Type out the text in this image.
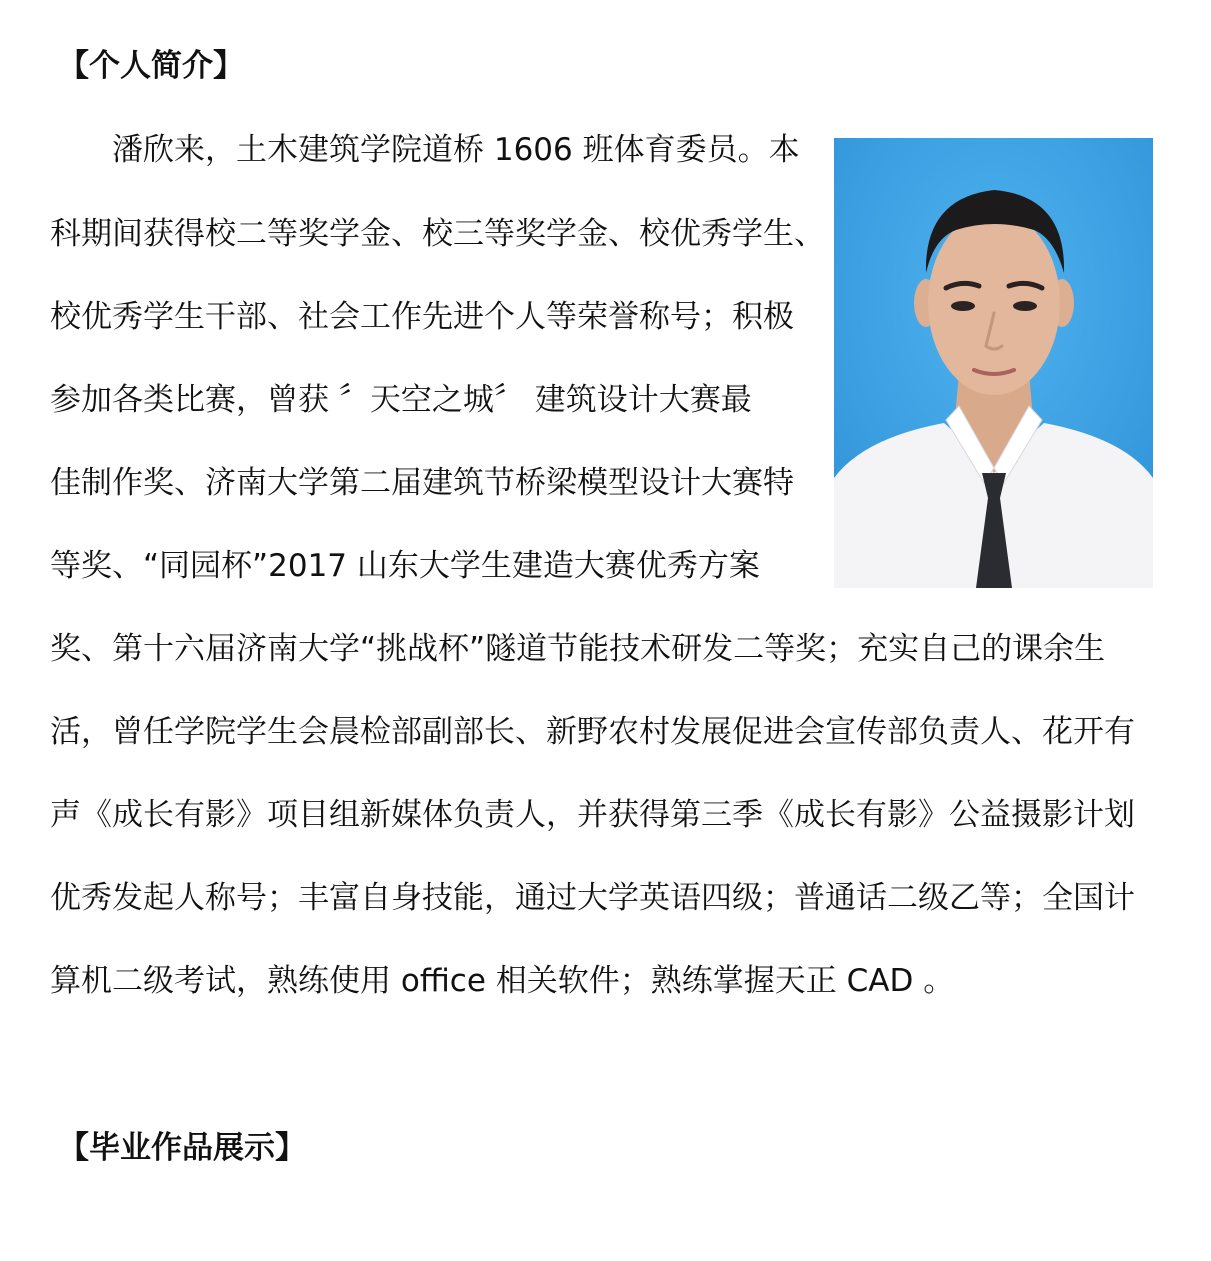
【个人简介】
　　潘欣来，土木建筑学院道桥 1606 班体育委员。本
科期间获得校二等奖学金、校三等奖学金、校优秀学生、
校优秀学生干部、社会工作先进个人等荣誉称号；积极
参加各类比赛，曾获 〞天空之城〞 建筑设计大赛最
佳制作奖、济南大学第二届建筑节桥梁模型设计大赛特
等奖、“同园杯”2017 山东大学生建造大赛优秀方案
奖、第十六届济南大学“挑战杯”隧道节能技术研发二等奖；充实自己的课余生
活，曾任学院学生会晨检部副部长、新野农村发展促进会宣传部负责人、花开有
声《成长有影》项目组新媒体负责人，并获得第三季《成长有影》公益摄影计划
优秀发起人称号；丰富自身技能，通过大学英语四级；普通话二级乙等；全国计
算机二级考试，熟练使用 office 相关软件；熟练掌握天正 CAD 。
【毕业作品展示】
